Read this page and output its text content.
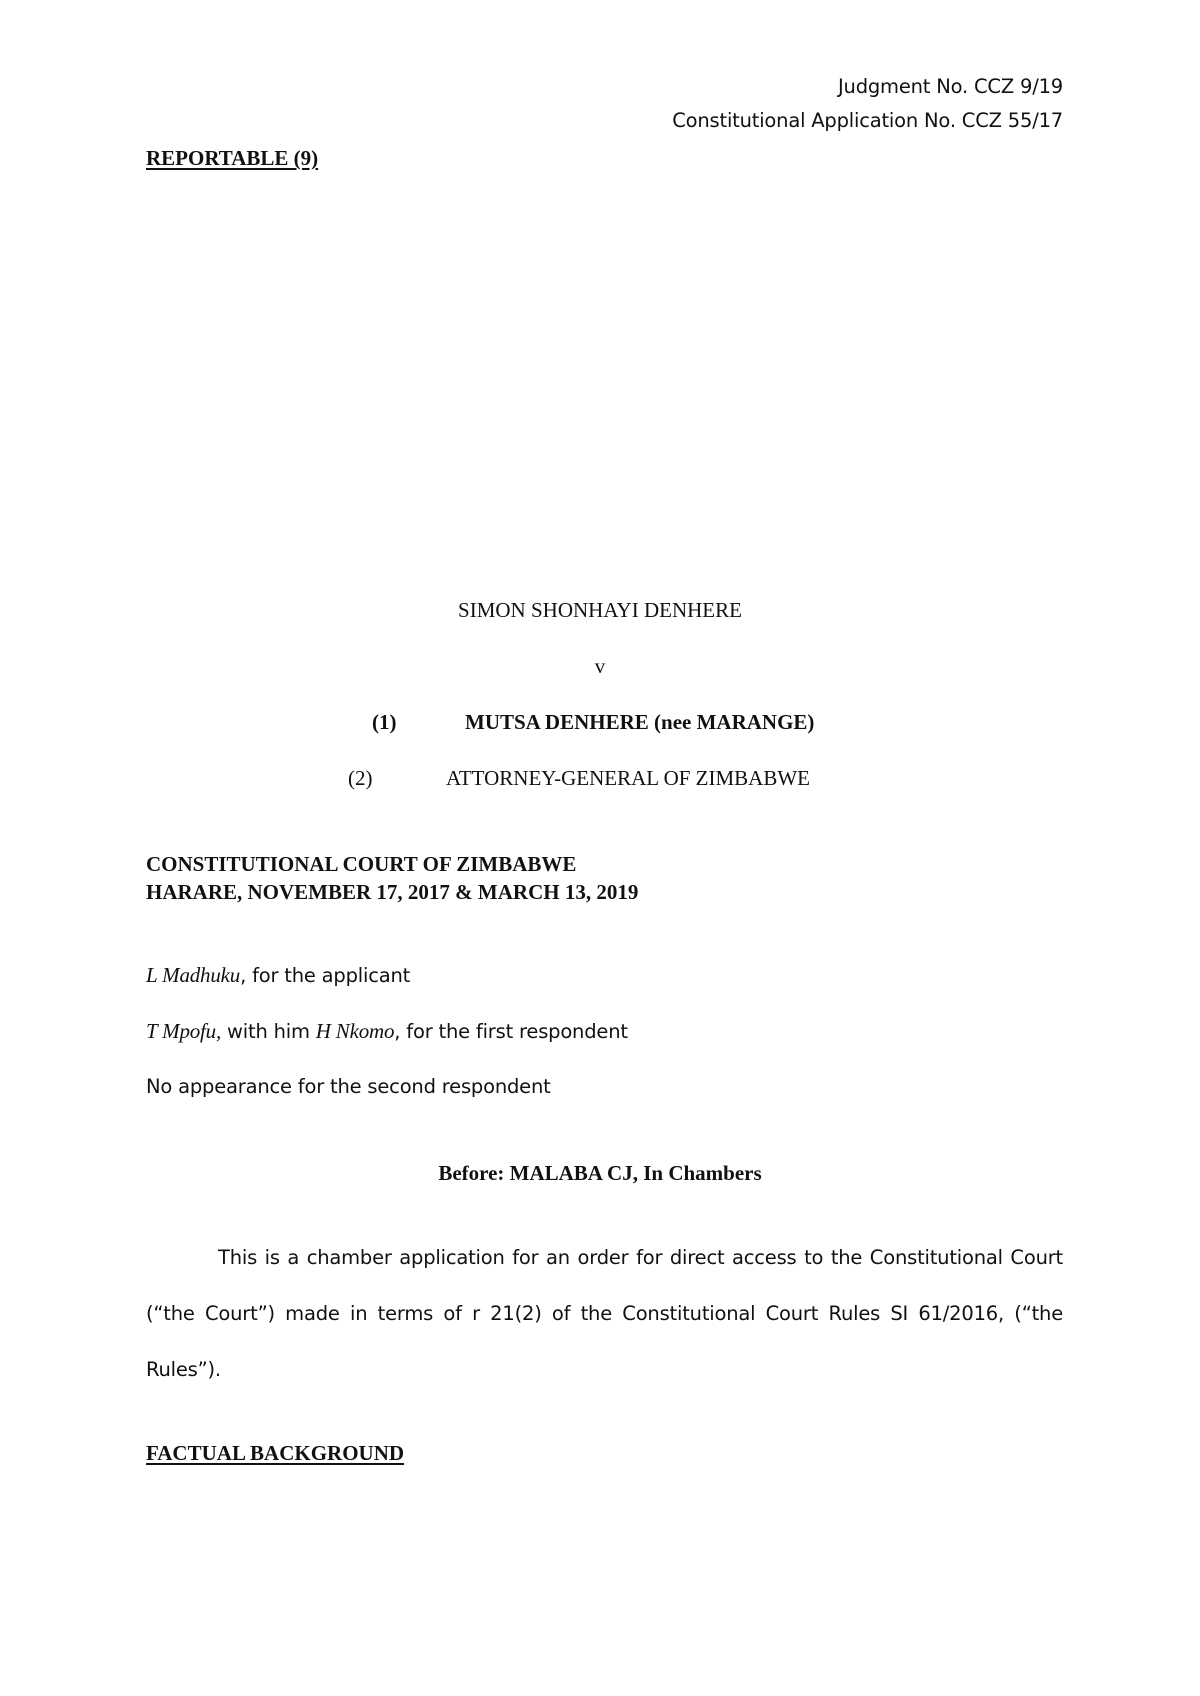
Judgment No. CCZ 9/19
Constitutional Application No. CCZ 55/17
REPORTABLE (9)
SIMON SHONHAYI DENHERE
v
(1)	MUTSA DENHERE (nee MARANGE)
(2)	ATTORNEY-GENERAL OF ZIMBABWE
CONSTITUTIONAL COURT OF ZIMBABWE
HARARE, NOVEMBER 17, 2017 & MARCH 13, 2019
L Madhuku, for the applicant
T Mpofu, with him H Nkomo, for the first respondent
No appearance for the second respondent
Before: MALABA CJ, In Chambers
This is a chamber application for an order for direct access to the Constitutional Court (“the Court”) made in terms of r 21(2) of the Constitutional Court Rules SI 61/2016, (“the Rules”).
FACTUAL BACKGROUND
